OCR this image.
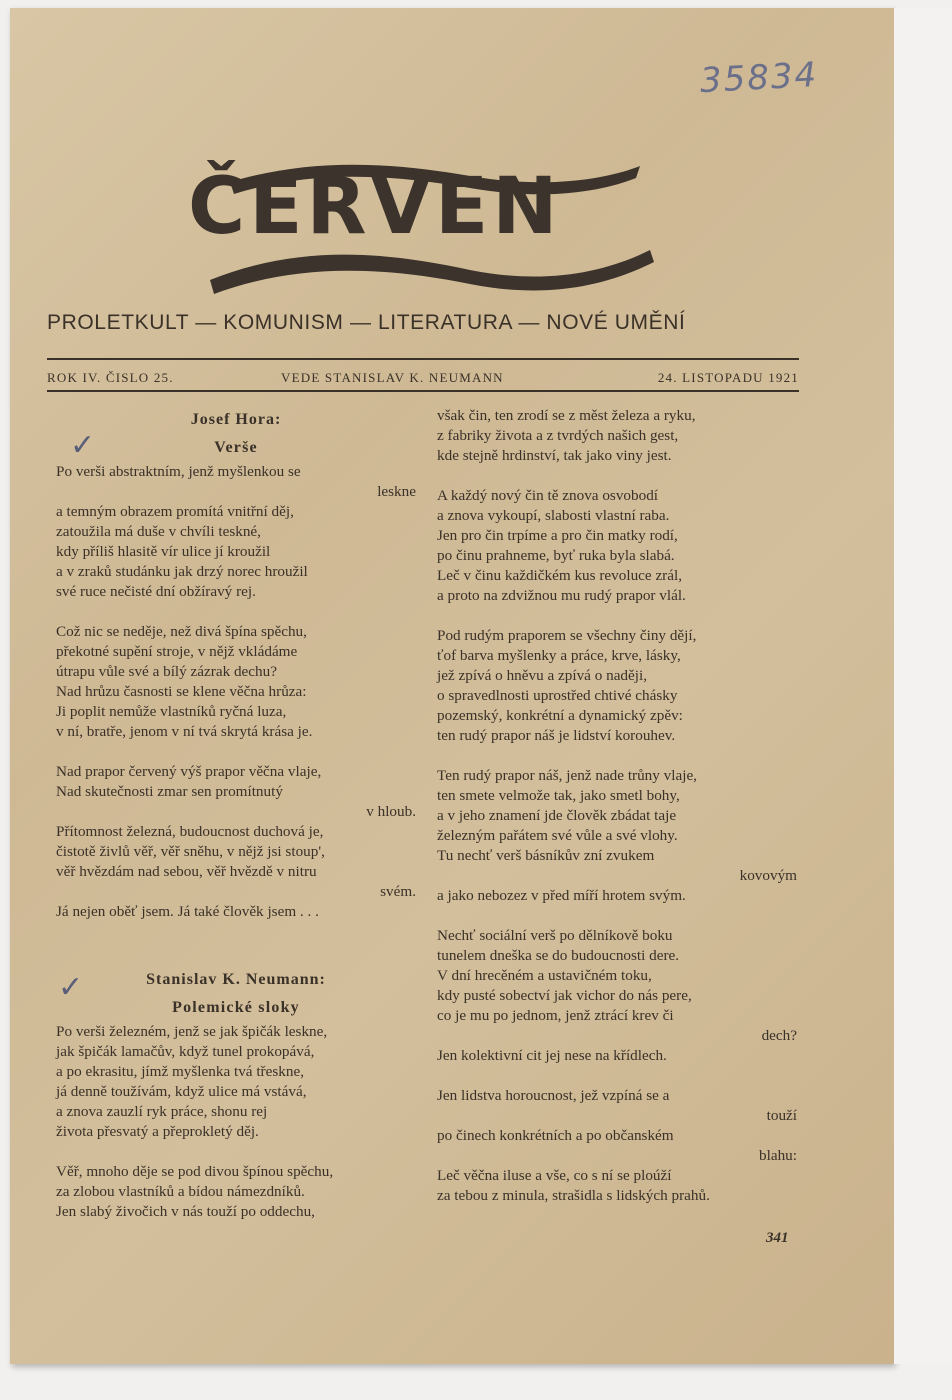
35834
ČERVEN
PROLETKULT — KOMUNISM — LITERATURA — NOVÉ UMĚNÍ
ROK IV. ČISLO 25.	VEDE STANISLAV K. NEUMANN	24. LISTOPADU 1921
✓
✓
Josef Hora:
Verše
Po verši abstraktním, jenž myšlenkou se
leskne
a temným obrazem promítá vnitřní děj,
zatoužila má duše v chvíli teskné,
kdy příliš hlasitě vír ulice jí kroužil
a v zraků studánku jak drzý norec hroužil
své ruce nečisté dní obžíravý rej.
Což nic se neděje, než divá špína spěchu,
překotné supění stroje, v nějž vkládáme
útrapu vůle své a bílý zázrak dechu?
Nad hrůzu časnosti se klene věčna hrůza:
Ji poplit nemůže vlastníků ryčná luza,
v ní, bratře, jenom v ní tvá skrytá krása je.
Nad prapor červený výš prapor věčna vlaje,
Nad skutečnosti zmar sen promítnutý
v hloub.
Přítomnost železná, budoucnost duchová je,
čistotě živlů věř, věř sněhu, v nějž jsi stoup',
věř hvězdám nad sebou, věř hvězdě v nitru
svém.
Já nejen oběť jsem. Já také člověk jsem . . .
Stanislav K. Neumann:
Polemické sloky
Po verši železném, jenž se jak špičák lesknе,
jak špičák lamačův, když tunel prokopává,
a po ekrasitu, jímž myšlenka tvá třeskne,
já denně toužívám, když ulice má vstává,
a znova zauzlí ryk práce, shonu rej
života přesvatý a přeproklеtý děj.
Věř, mnoho děje se pod divou špínou spěchu,
za zlobou vlastníků a bídou námezdníků.
Jen slabý živočich v nás touží po oddechu,
však čin, ten zrodí se z měst železa a ryku,
z fabriky života a z tvrdých našich gest,
kde stejně hrdinství, tak jako viny jest.
A každý nový čin tě znova osvobodí
a znova vykoupí, slabosti vlastní raba.
Jen pro čin trpíme a pro čin matky rodí,
po činu prahneme, byť ruka byla slabá.
Leč v činu každičkém kus revoluce zrál,
a proto na zdvižnou mu rudý prapor vlál.
Pod rudým praporem se všechny činy dějí,
ťof barva myšlenky a práce, krve, lásky,
jež zpívá o hněvu a zpívá o naději,
o spravedlnosti uprostřed chtivé chásky
pozemský, konkrétní a dynamický zpěv:
ten rudý prapor náš je lidství korouhev.
Ten rudý prapor náš, jenž nade trůny vlaje,
ten smete velmože tak, jako smetl bohy,
a v jeho znamení jde člověk zbádat taje
železným pařátem své vůle a své vlohy.
Tu nechť verš básníkův zní zvukem
kovovým
a jako nebozez v před míří hrotem svým.
Nechť sociální verš po dělníkově boku
tunelem dneška se do budoucnosti dere.
V dní hrecěném a ustavičném toku,
kdy pusté sobectví jak vichor do nás pere,
co je mu po jednom, jenž ztrácí krev či
dech?
Jen kolektivní cit jej nese na křídlech.
Jen lidstva horoucnost, jež vzpíná se a
touží
po činech konkrétních a po občanském
blahu:
Leč věčna iluse a vše, co s ní se ploúží
za tebou z minula, strašidla s lidských prahů.
341
